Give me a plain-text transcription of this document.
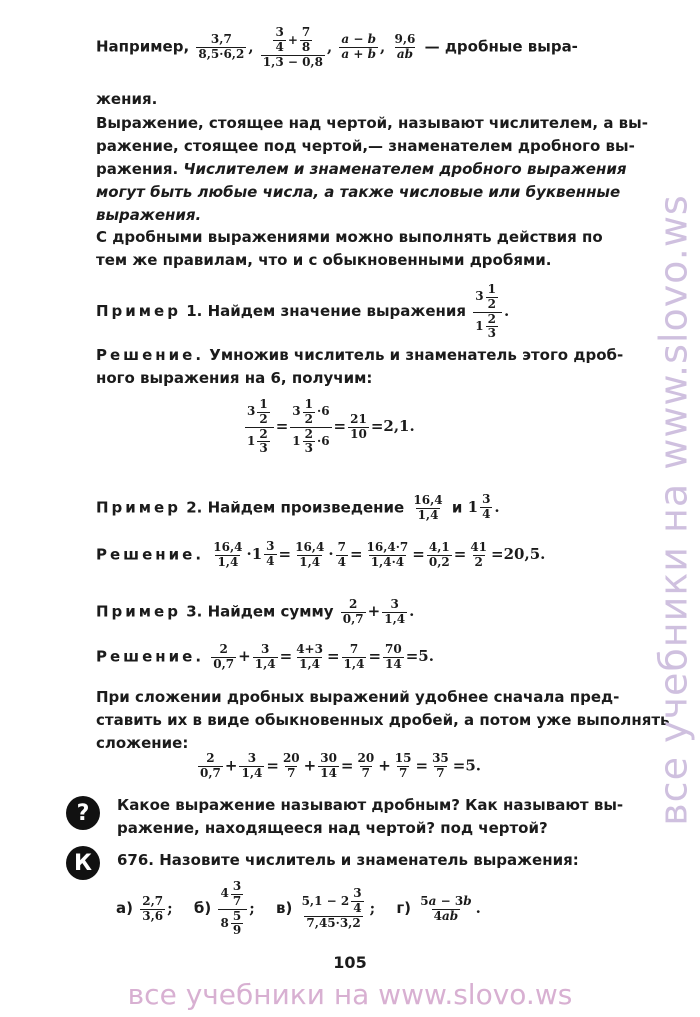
Например, $\frac{3,7}{8,5\cdot 6,2}$ , $\frac{\frac{3}{4} + \frac{7}{8}}{1,3 - 0,8}$ , $\frac{a - b}{a + b}$ , $\frac{9,6}{ab}$ — дробные выра-
жения.
Выражение, стоящее над чертой, называют числителем, а вы-
ражение, стоящее под чертой,— знаменателем дробного вы-
ражения. Числителем и знаменателем дробного выражения
могут быть любые числа, а также числовые или буквенные
выражения.
С дробными выражениями можно выполнять действия по
тем же правилам, что и с обыкновенными дробями.
Пример 1. Найдем значение выражения $\frac{3 \frac{1}{2}}{1 \frac{2}{3}}$ .
Решение. Умножив числитель и знаменатель этого дроб-
ного выражения на 6, получим:
$\frac{3 \frac{1}{2}}{1 \frac{2}{3}} = \frac{3 \frac{1}{2} \cdot 6}{1 \frac{2}{3} \cdot 6} = \frac{21}{10} =2,1$.
Пример 2. Найдем произведение $\frac{16,4}{1,4}$ и $1 \frac{3}{4}$ .
Решение. $\frac{16,4}{1,4} \cdot 1 \frac{3}{4} = \frac{16,4}{1,4} \cdot \frac{7}{4} = \frac{16,4\cdot 7}{1,4\cdot 4} = \frac{4,1}{0,2} = \frac{41}{2} =20,5$.
Пример 3. Найдем сумму $\frac{2}{0,7} + \frac{3}{1,4}$ .
Решение. $\frac{2}{0,7} + \frac{3}{1,4} = \frac{4+3}{1,4} = \frac{7}{1,4} = \frac{70}{14} =5$.
При сложении дробных выражений удобнее сначала пред-
ставить их в виде обыкновенных дробей, а потом уже выполнять
сложение:
$\frac{2}{0,7} + \frac{3}{1,4} = \frac{20}{7} + \frac{30}{14} = \frac{20}{7} + \frac{15}{7} = \frac{35}{7} =5$.
?	Какое выражение называют дробным? Как называют вы-
ражение, находящееся над чертой? под чертой?
К	676. Назовите числитель и знаменатель выражения:
$а) \frac{2,7}{3,6}$ ; $б) \frac{4 \frac{3}{7}}{8 \frac{5}{9}}$ ; $в) \frac{5,1 - 2 \frac{3}{4}}{7,45\cdot 3,2}$ ; $г) \frac{5a - 3b}{4ab}$ .
105
все учебники на www.slovo.ws
все учебники на www.slovo.ws
